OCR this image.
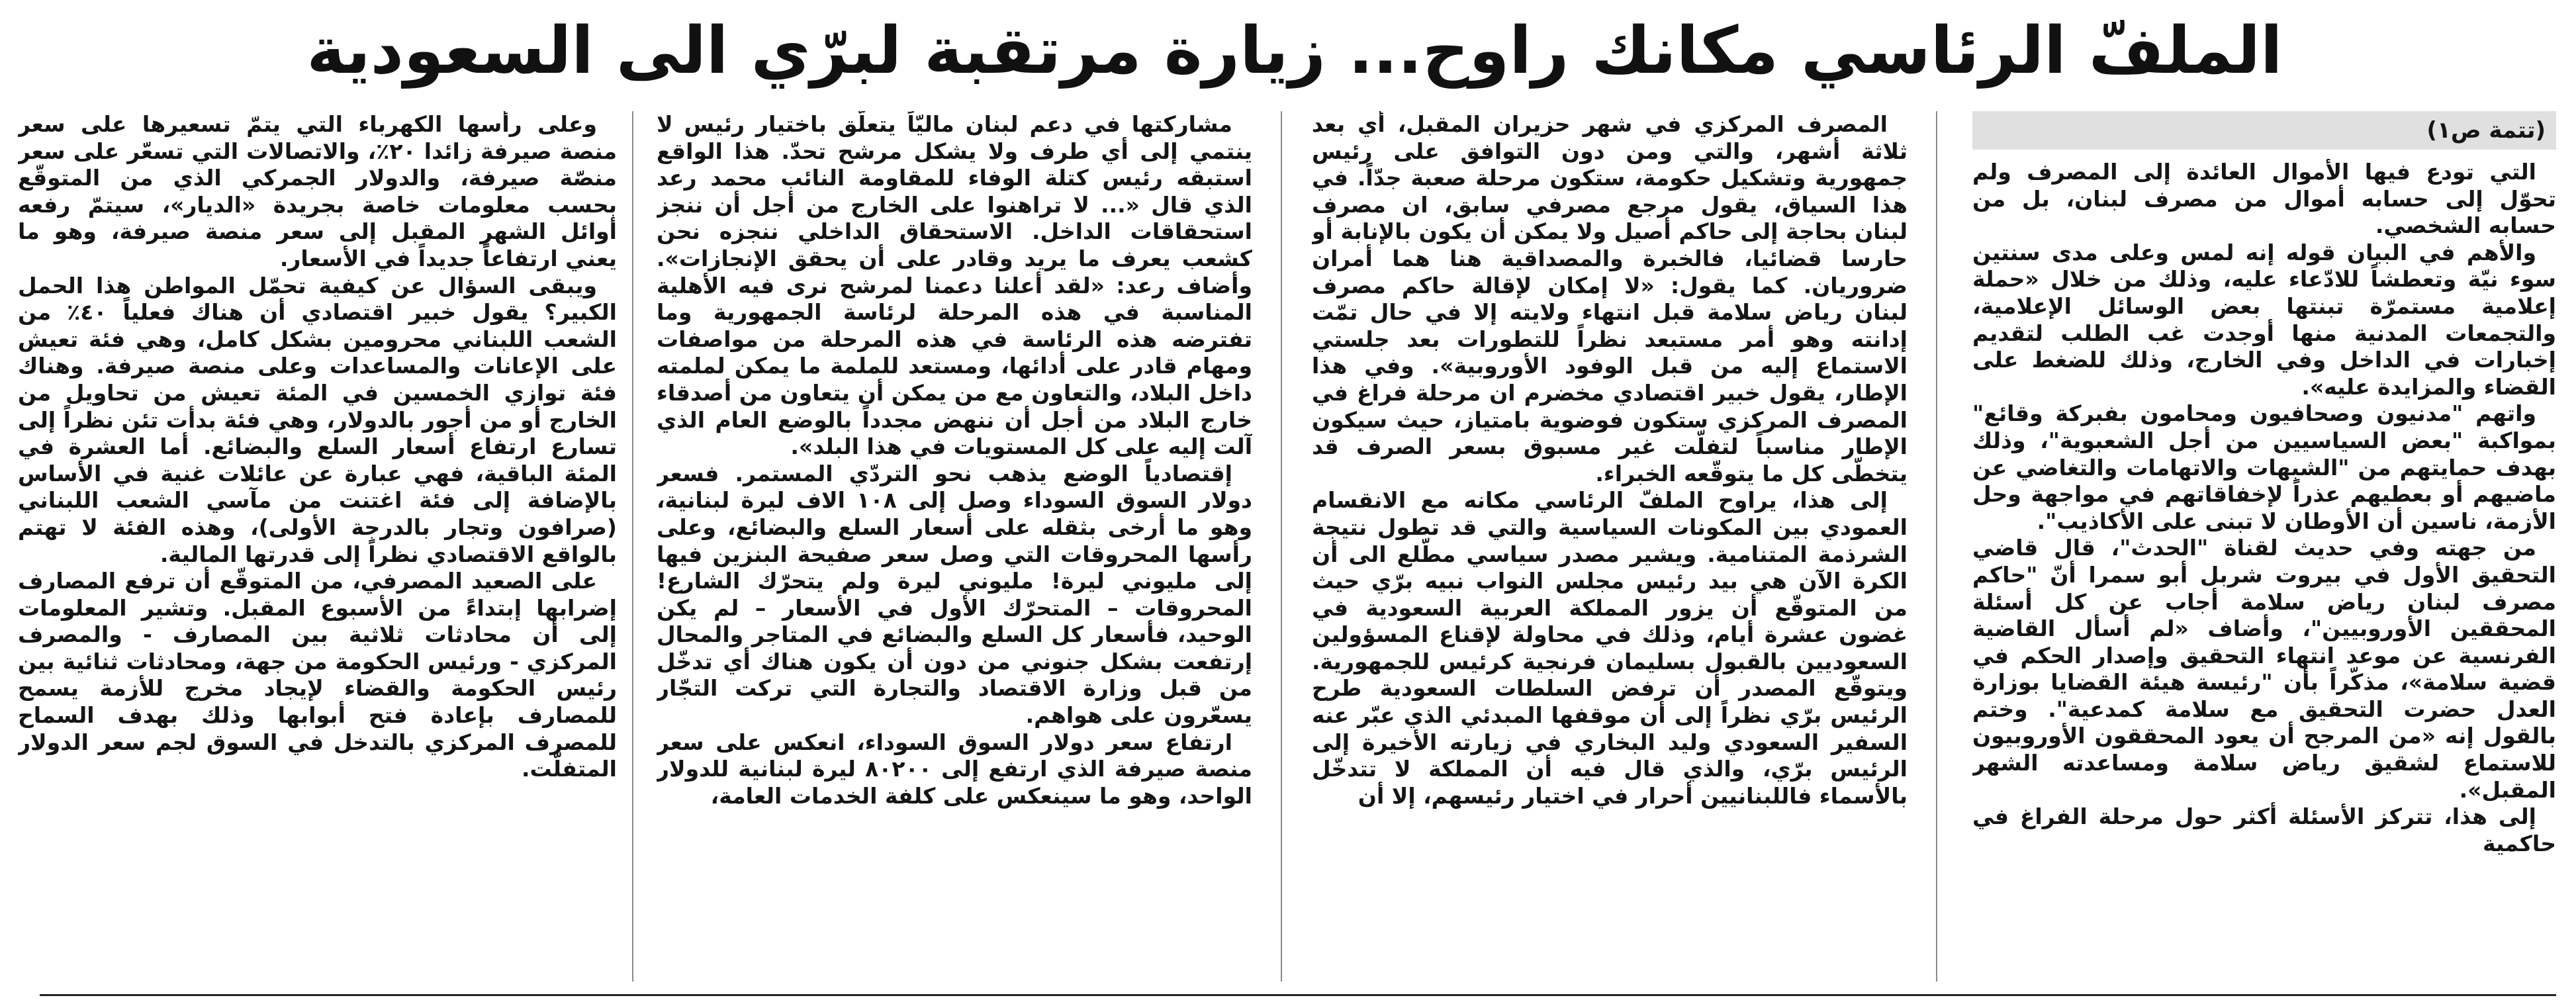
الملفّ الرئاسي مكانك راوح... زيارة مرتقبة لبرّي الى السعودية
(تتمة ص١)

التي تودع فيها الأموال العائدة إلى المصرف ولم تحوّل إلى حسابه أموال من مصرف لبنان، بل من حسابه الشخصي.

والأهم في البيان قوله إنه لمس وعلى مدى سنتين سوء نيّة وتعطشاً للادّعاء عليه، وذلك من خلال «حملة إعلامية مستمرّة تبنتها بعض الوسائل الإعلامية، والتجمعات المدنية منها أوجدت غب الطلب لتقديم إخبارات في الداخل وفي الخارج، وذلك للضغط على القضاء والمزايدة عليه».

واتهم "مدنيون وصحافيون ومحامون بفبركة وقائع" بمواكبة "بعض السياسيين من أجل الشعبوية"، وذلك بهدف حمايتهم من "الشبهات والاتهامات والتغاضي عن ماضيهم أو بعطيهم عذراً لإخفاقاتهم في مواجهة وحل الأزمة، ناسين أن الأوطان لا تبنى على الأكاذيب".

من جهته وفي حديث لقناة "الحدث"، قال قاضي التحقيق الأول في بيروت شربل أبو سمرا أنّ "حاكم مصرف لبنان رياض سلامة أجاب عن كل أسئلة المحققين الأوروبيين"، وأضاف «لم أسأل القاضية الفرنسية عن موعد انتهاء التحقيق وإصدار الحكم في قضية سلامة»، مذكّراً بأن "رئيسة هيئة القضايا بوزارة العدل حضرت التحقيق مع سلامة كمدعية". وختم بالقول إنه «من المرجح أن يعود المحققون الأوروبيون للاستماع لشقيق رياض سلامة ومساعدته الشهر المقبل».

إلى هذا، تتركز الأسئلة أكثر حول مرحلة الفراغ في حاكمية

المصرف المركزي في شهر حزيران المقبل، أي بعد ثلاثة أشهر، والتي ومن دون التوافق على رئيس جمهورية وتشكيل حكومة، ستكون مرحلة صعبة جدّاً. في هذا السياق، يقول مرجع مصرفي سابق، ان مصرف لبنان بحاجة إلى حاكم أصيل ولا يمكن أن يكون بالإنابة أو حارسا قضائيا، فالخبرة والمصداقية هنا هما أمران ضروريان. كما يقول: «لا إمكان لإقالة حاكم مصرف لبنان رياض سلامة قبل انتهاء ولايته إلا في حال تمّت إدانته وهو أمر مستبعد نظراً للتطورات بعد جلستي الاستماع إليه من قبل الوفود الأوروبية». وفي هذا الإطار، يقول خبير اقتصادي مخضرم ان مرحلة فراغ في المصرف المركزي ستكون فوضوية بامتياز، حيث سيكون الإطار مناسباً لتفلّت غير مسبوق بسعر الصرف قد يتخطّى كل ما يتوقّعه الخبراء.

إلى هذا، يراوح الملفّ الرئاسي مكانه مع الانقسام العمودي بين المكونات السياسية والتي قد تطول نتيجة الشرذمة المتنامية. ويشير مصدر سياسي مطّلع الى أن الكرة الآن هي بيد رئيس مجلس النواب نبيه برّي حيث من المتوقّع أن يزور المملكة العربية السعودية في غضون عشرة أيام، وذلك في محاولة لإقناع المسؤولين السعوديين بالقبول بسليمان فرنجية كرئيس للجمهورية. ويتوقّع المصدر أن ترفض السلطات السعودية طرح الرئيس برّي نظراً إلى أن موقفها المبدئي الذي عبّر عنه السفير السعودي وليد البخاري في زيارته الأخيرة إلى الرئيس برّي، والذي قال فيه أن المملكة لا تتدخّل بالأسماء فاللبنانيين أحرار في اختيار رئيسهم، إلا أن

مشاركتها في دعم لبنان ماليّاً يتعلّق باختيار رئيس لا ينتمي إلى أي طرف ولا يشكل مرشح تحدّ. هذا الواقع استبقه رئيس كتلة الوفاء للمقاومة النائب محمد رعد الذي قال «... لا تراهنوا على الخارج من أجل أن ننجز استحقاقات الداخل. الاستحقاق الداخلي ننجزه نحن كشعب يعرف ما يريد وقادر على أن يحقق الإنجازات». وأضاف رعد: «لقد أعلنا دعمنا لمرشح نرى فيه الأهلية المناسبة في هذه المرحلة لرئاسة الجمهورية وما تفترضه هذه الرئاسة في هذه المرحلة من مواصفات ومهام قادر على أدائها، ومستعد للملمة ما يمكن لملمته داخل البلاد، والتعاون مع من يمكن أن يتعاون من أصدقاء خارج البلاد من أجل أن ننهض مجدداً بالوضع العام الذي آلت إليه على كل المستويات في هذا البلد».

إقتصادياً الوضع يذهب نحو التردّي المستمر. فسعر دولار السوق السوداء وصل إلى ١٠٨ الاف ليرة لبنانية، وهو ما أرخى بثقله على أسعار السلع والبضائع، وعلى رأسها المحروقات التي وصل سعر صفيحة البنزين فيها إلى مليوني ليرة! مليوني ليرة ولم يتحرّك الشارع! المحروقات – المتحرّك الأول في الأسعار – لم يكن الوحيد، فأسعار كل السلع والبضائع في المتاجر والمحال إرتفعت بشكل جنوني من دون أن يكون هناك أي تدخّل من قبل وزارة الاقتصاد والتجارة التي تركت التجّار يسعّرون على هواهم.

ارتفاع سعر دولار السوق السوداء، انعكس على سعر منصة صيرفة الذي ارتفع إلى ٨٠٢٠٠ ليرة لبنانية للدولار الواحد، وهو ما سينعكس على كلفة الخدمات العامة،

وعلى رأسها الكهرباء التي يتمّ تسعيرها على سعر منصة صيرفة زائدا ٢٠٪، والاتصالات التي تسعّر على سعر منصّة صيرفة، والدولار الجمركي الذي من المتوقّع بحسب معلومات خاصة بجريدة «الديار»، سيتمّ رفعه أوائل الشهر المقبل إلى سعر منصة صيرفة، وهو ما يعني ارتفاعاً جديداً في الأسعار.

ويبقى السؤال عن كيفية تحمّل المواطن هذا الحمل الكبير؟ يقول خبير اقتصادي أن هناك فعلياً ٤٠٪ من الشعب اللبناني محرومين بشكل كامل، وهي فئة تعيش على الإعانات والمساعدات وعلى منصة صيرفة. وهناك فئة توازي الخمسين في المئة تعيش من تحاويل من الخارج أو من أجور بالدولار، وهي فئة بدأت تئن نظراً إلى تسارع ارتفاع أسعار السلع والبضائع. أما العشرة في المئة الباقية، فهي عبارة عن عائلات غنية في الأساس بالإضافة إلى فئة اغتنت من مآسي الشعب اللبناني (صرافون وتجار بالدرجة الأولى)، وهذه الفئة لا تهتم بالواقع الاقتصادي نظراً إلى قدرتها المالية.

على الصعيد المصرفي، من المتوقّع أن ترفع المصارف إضرابها إبتداءً من الأسبوع المقبل. وتشير المعلومات إلى أن محادثات ثلاثية بين المصارف - والمصرف المركزي - ورئيس الحكومة من جهة، ومحادثات ثنائية بين رئيس الحكومة والقضاء لإيجاد مخرج للأزمة يسمح للمصارف بإعادة فتح أبوابها وذلك بهدف السماح للمصرف المركزي بالتدخل في السوق لجم سعر الدولار المتفلّت.
